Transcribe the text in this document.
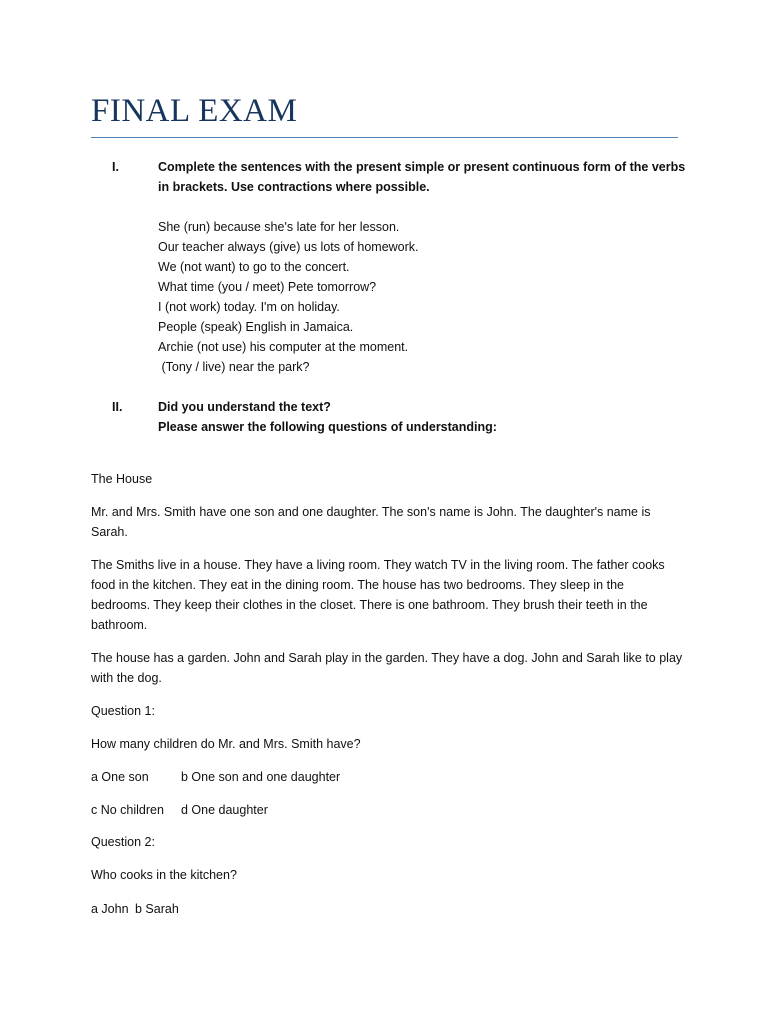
FINAL EXAM
I.	Complete the sentences with the present simple or present continuous form of the verbs
in brackets. Use contractions where possible.
She (run) because she's late for her lesson.
Our teacher always (give) us lots of homework.
We (not want) to go to the concert.
What time (you / meet) Pete tomorrow?
I (not work) today. I'm on holiday.
People (speak) English in Jamaica.
Archie (not use) his computer at the moment.
(Tony / live) near the park?
II.	Did you understand the text?
Please answer the following questions of understanding:
The House
Mr. and Mrs. Smith have one son and one daughter. The son's name is John. The daughter's name is
Sarah.
The Smiths live in a house. They have a living room. They watch TV in the living room. The father cooks
food in the kitchen. They eat in the dining room. The house has two bedrooms. They sleep in the
bedrooms. They keep their clothes in the closet. There is one bathroom. They brush their teeth in the
bathroom.
The house has a garden. John and Sarah play in the garden. They have a dog. John and Sarah like to play
with the dog.
Question 1:
How many children do Mr. and Mrs. Smith have?
a One son	b One son and one daughter
c No children d One daughter
Question 2:
Who cooks in the kitchen?
a John b Sarah
